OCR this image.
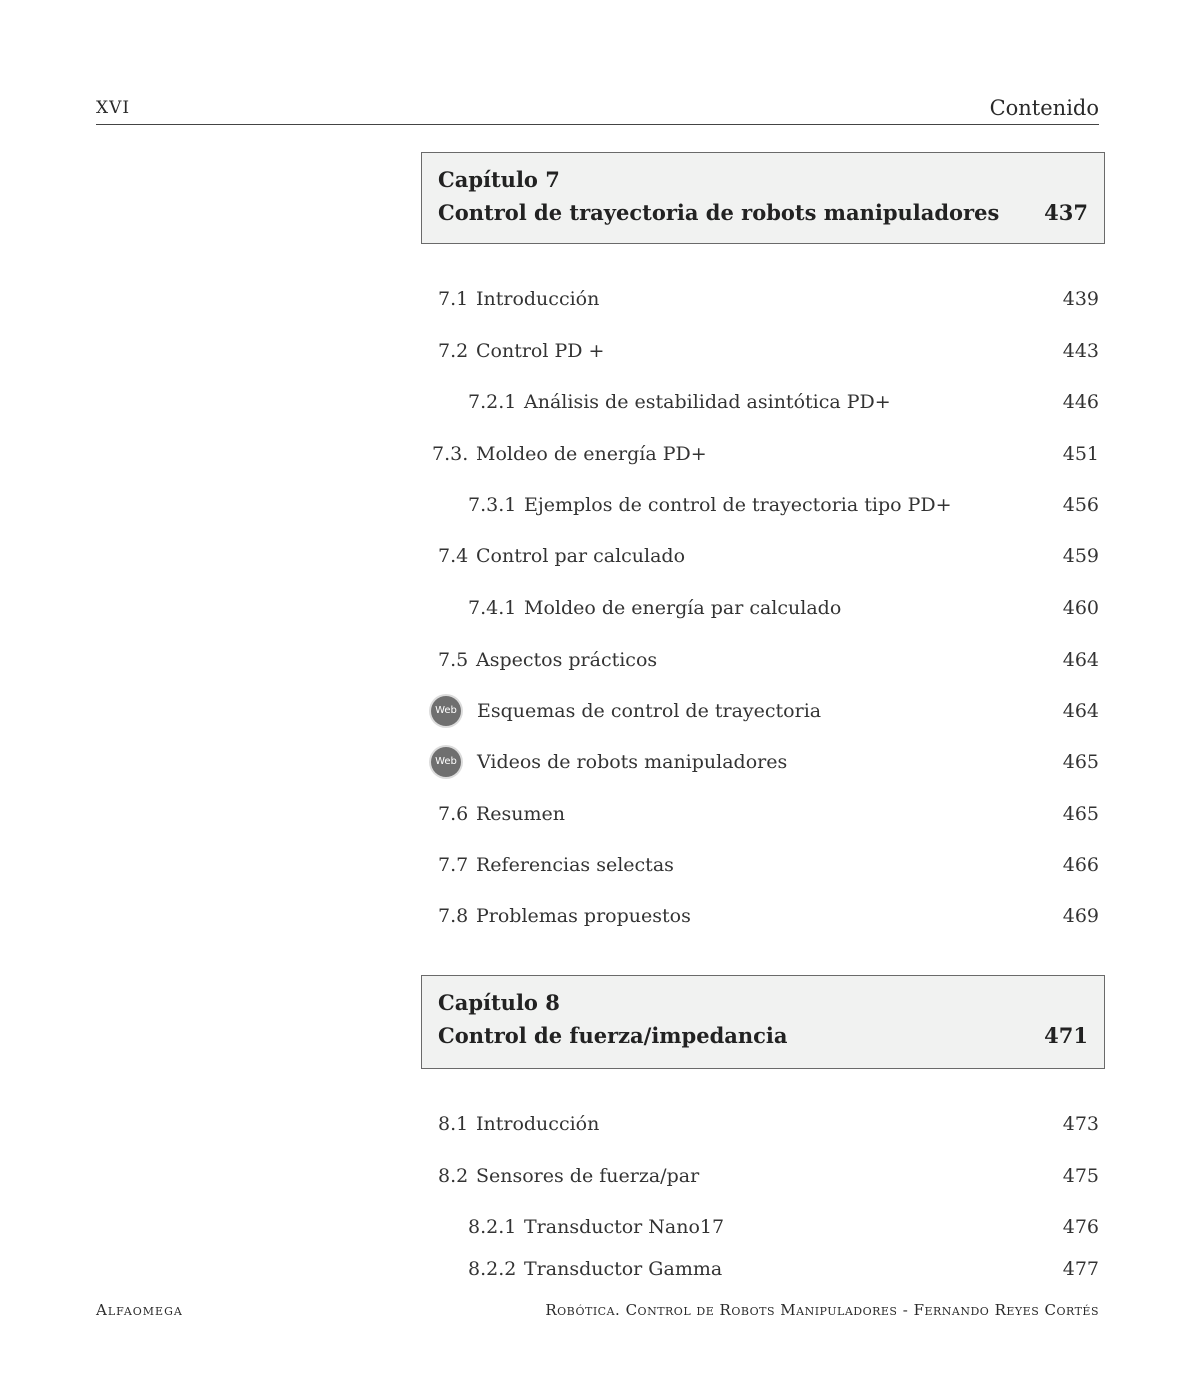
XVI	Contenido
Capítulo 7
Control de trayectoria de robots manipuladores 437
7.1 Introducción	439
7.2 Control PD +	443
7.2.1 Análisis de estabilidad asintótica PD+	446
7.3. Moldeo de energía PD+	451
7.3.1 Ejemplos de control de trayectoria tipo PD+	456
7.4 Control par calculado	459
7.4.1 Moldeo de energía par calculado	460
7.5 Aspectos prácticos	464
Web Esquemas de control de trayectoria	464
Web Videos de robots manipuladores	465
7.6 Resumen	465
7.7 Referencias selectas	466
7.8 Problemas propuestos	469
Capítulo 8
Control de fuerza/impedancia	471
8.1 Introducción	473
8.2 Sensores de fuerza/par	475
8.2.1 Transductor Nano17	476
8.2.2 Transductor Gamma	477
Alfaomega	Robótica. Control de Robots Manipuladores - Fernando Reyes Cortés
